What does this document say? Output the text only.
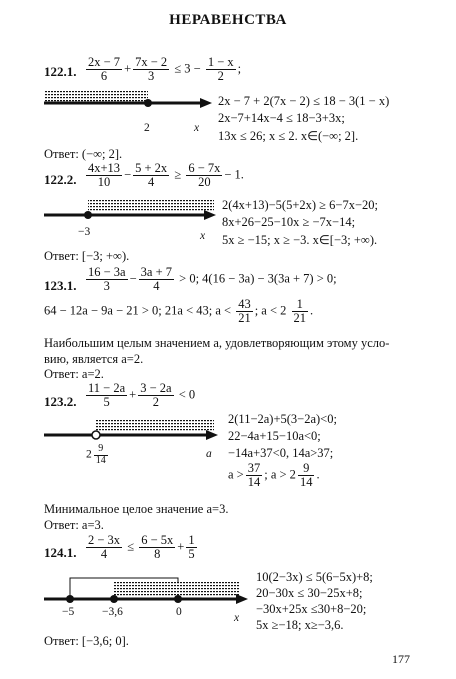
НЕРАВЕНСТВА
122.1. $\frac{2x - 7}{6} + \frac{7x - 2}{3} \le 3 - \frac{1 - x}{2}$ ;
2	x
2x − 7 + 2(7x − 2) ≤ 18 − 3(1 − x)
2x−7+14x−4 ≤ 18−3+3x;
13x ≤ 26; x ≤ 2. x∈(−∞; 2].
Ответ: (−∞; 2].
122.2. $\frac{4x+13}{10} - \frac{5 + 2x}{4} \ge \frac{6 - 7x}{20} - 1$.
−3	x
2(4x+13)−5(5+2x) ≥ 6−7x−20;
8x+26−25−10x ≥ −7x−14;
5x ≥ −15; x ≥ −3. x∈[−3; +∞).
Ответ: [−3; +∞).
123.1. $\frac{16 - 3a}{3} - \frac{3a + 7}{4} > 0$; 4(16 − 3a) − 3(3a + 7) > 0;
64 − 12a − 9a − 21 > 0; 21a < 43; $a < \frac{43}{21}$ ; $a < 2 \frac{1}{21}$ .
Наибольшим целым значением a, удовлетворяющим этому усло-
вию, является a=2.
Ответ: a=2.
123.2. $\frac{11 - 2a}{5} + \frac{3 - 2a}{2} < 0$
$2 \frac{9}{14}$	a
2(11−2a)+5(3−2a)<0;
22−4a+15−10a<0;
−14a+37<0, 14a>37;
$a > \frac{37}{14}$ ; $a > 2 \frac{9}{14}$ .
Минимальное целое значение a=3.
Ответ: a=3.
124.1. $\frac{2 - 3x}{4} \le \frac{6 - 5x}{8} + \frac{1}{5}$
−5 −3,6	0	x
10(2−3x) ≤ 5(6−5x)+8;
20−30x ≤ 30−25x+8;
−30x+25x ≤30+8−20;
5x ≥−18; x≥−3,6.
Ответ: [−3,6; 0].
177
